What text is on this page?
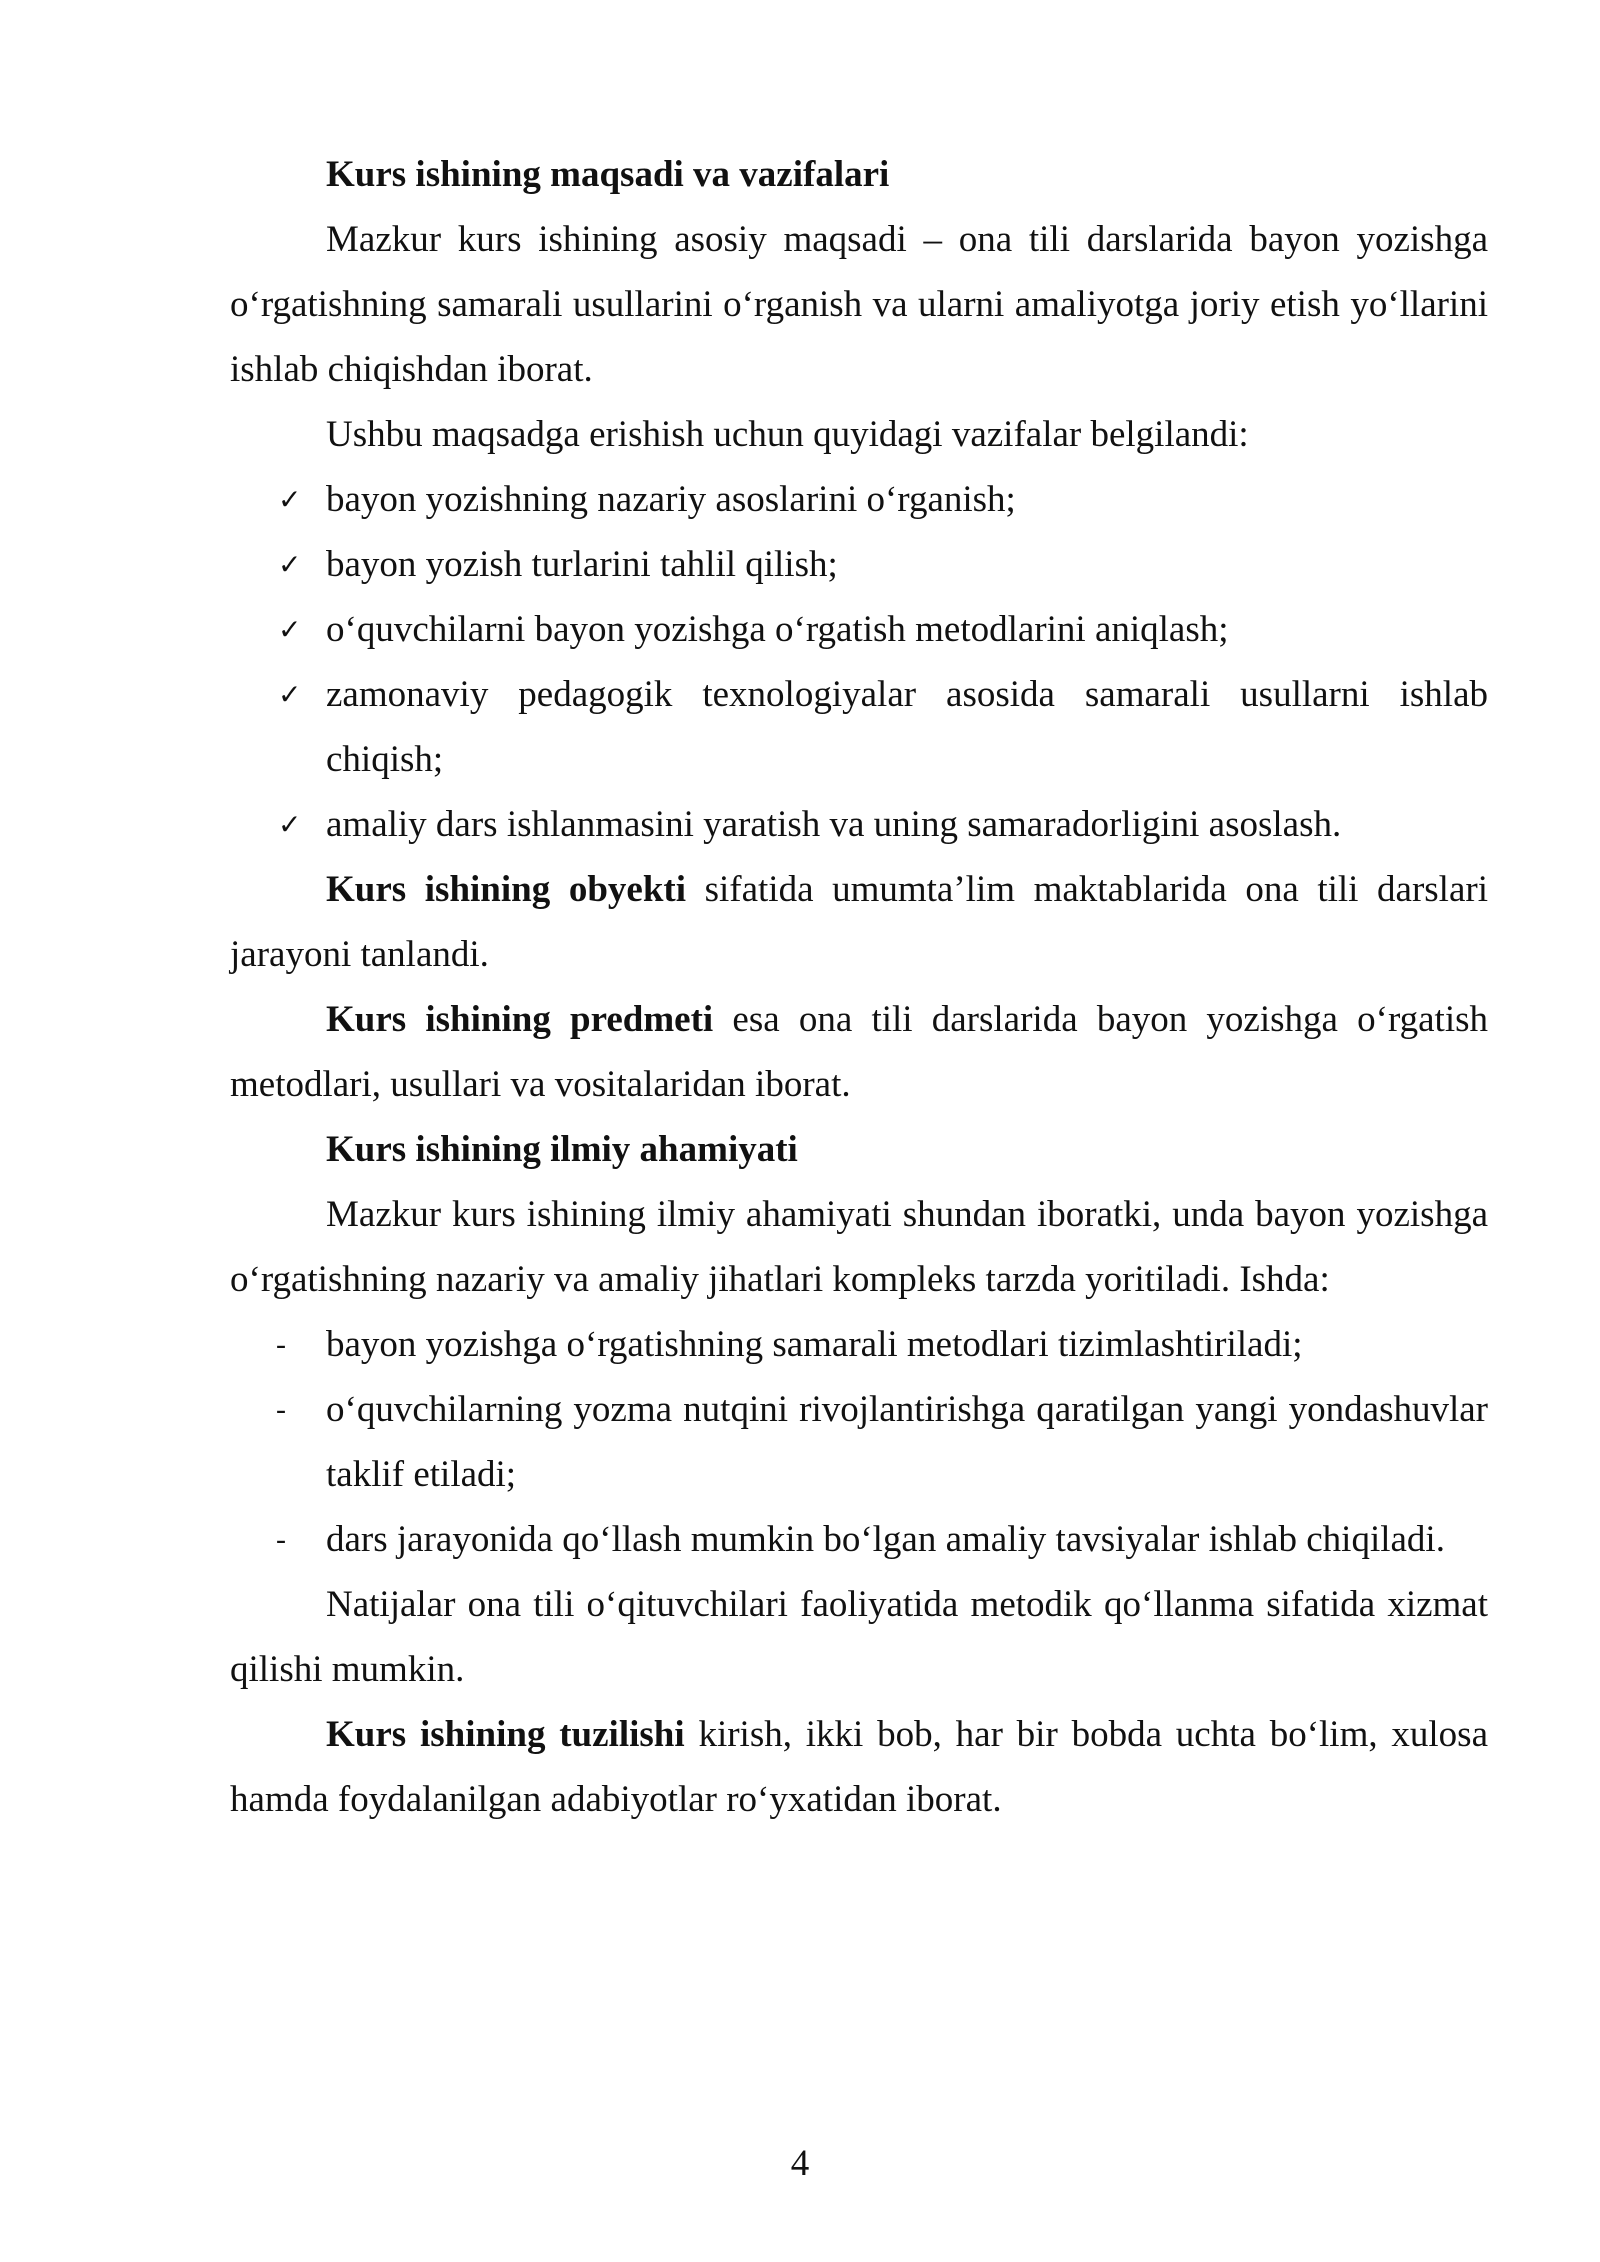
Kurs ishining maqsadi va vazifalari

Mazkur kurs ishining asosiy maqsadi – ona tili darslarida bayon yozishga o‘rgatishning samarali usullarini o‘rganish va ularni amaliyotga joriy etish yo‘llarini ishlab chiqishdan iborat.

Ushbu maqsadga erishish uchun quyidagi vazifalar belgilandi:

✓ bayon yozishning nazariy asoslarini o‘rganish;
✓ bayon yozish turlarini tahlil qilish;
✓ o‘quvchilarni bayon yozishga o‘rgatish metodlarini aniqlash;
✓ zamonaviy pedagogik texnologiyalar asosida samarali usullarni ishlab chiqish;
✓ amaliy dars ishlanmasini yaratish va uning samaradorligini asoslash.

Kurs ishining obyekti sifatida umumta’lim maktablarida ona tili darslari jarayoni tanlandi.

Kurs ishining predmeti esa ona tili darslarida bayon yozishga o‘rgatish metodlari, usullari va vositalaridan iborat.

Kurs ishining ilmiy ahamiyati

Mazkur kurs ishining ilmiy ahamiyati shundan iboratki, unda bayon yozishga o‘rgatishning nazariy va amaliy jihatlari kompleks tarzda yoritiladi. Ishda:

-	bayon yozishga o‘rgatishning samarali metodlari tizimlashtiriladi;
-	o‘quvchilarning yozma nutqini rivojlantirishga qaratilgan yangi yondashuvlar taklif etiladi;
-	dars jarayonida qo‘llash mumkin bo‘lgan amaliy tavsiyalar ishlab chiqiladi.

Natijalar ona tili o‘qituvchilari faoliyatida metodik qo‘llanma sifatida xizmat qilishi mumkin.

Kurs ishining tuzilishi kirish, ikki bob, har bir bobda uchta bo‘lim, xulosa hamda foydalanilgan adabiyotlar ro‘yxatidan iborat.

4
